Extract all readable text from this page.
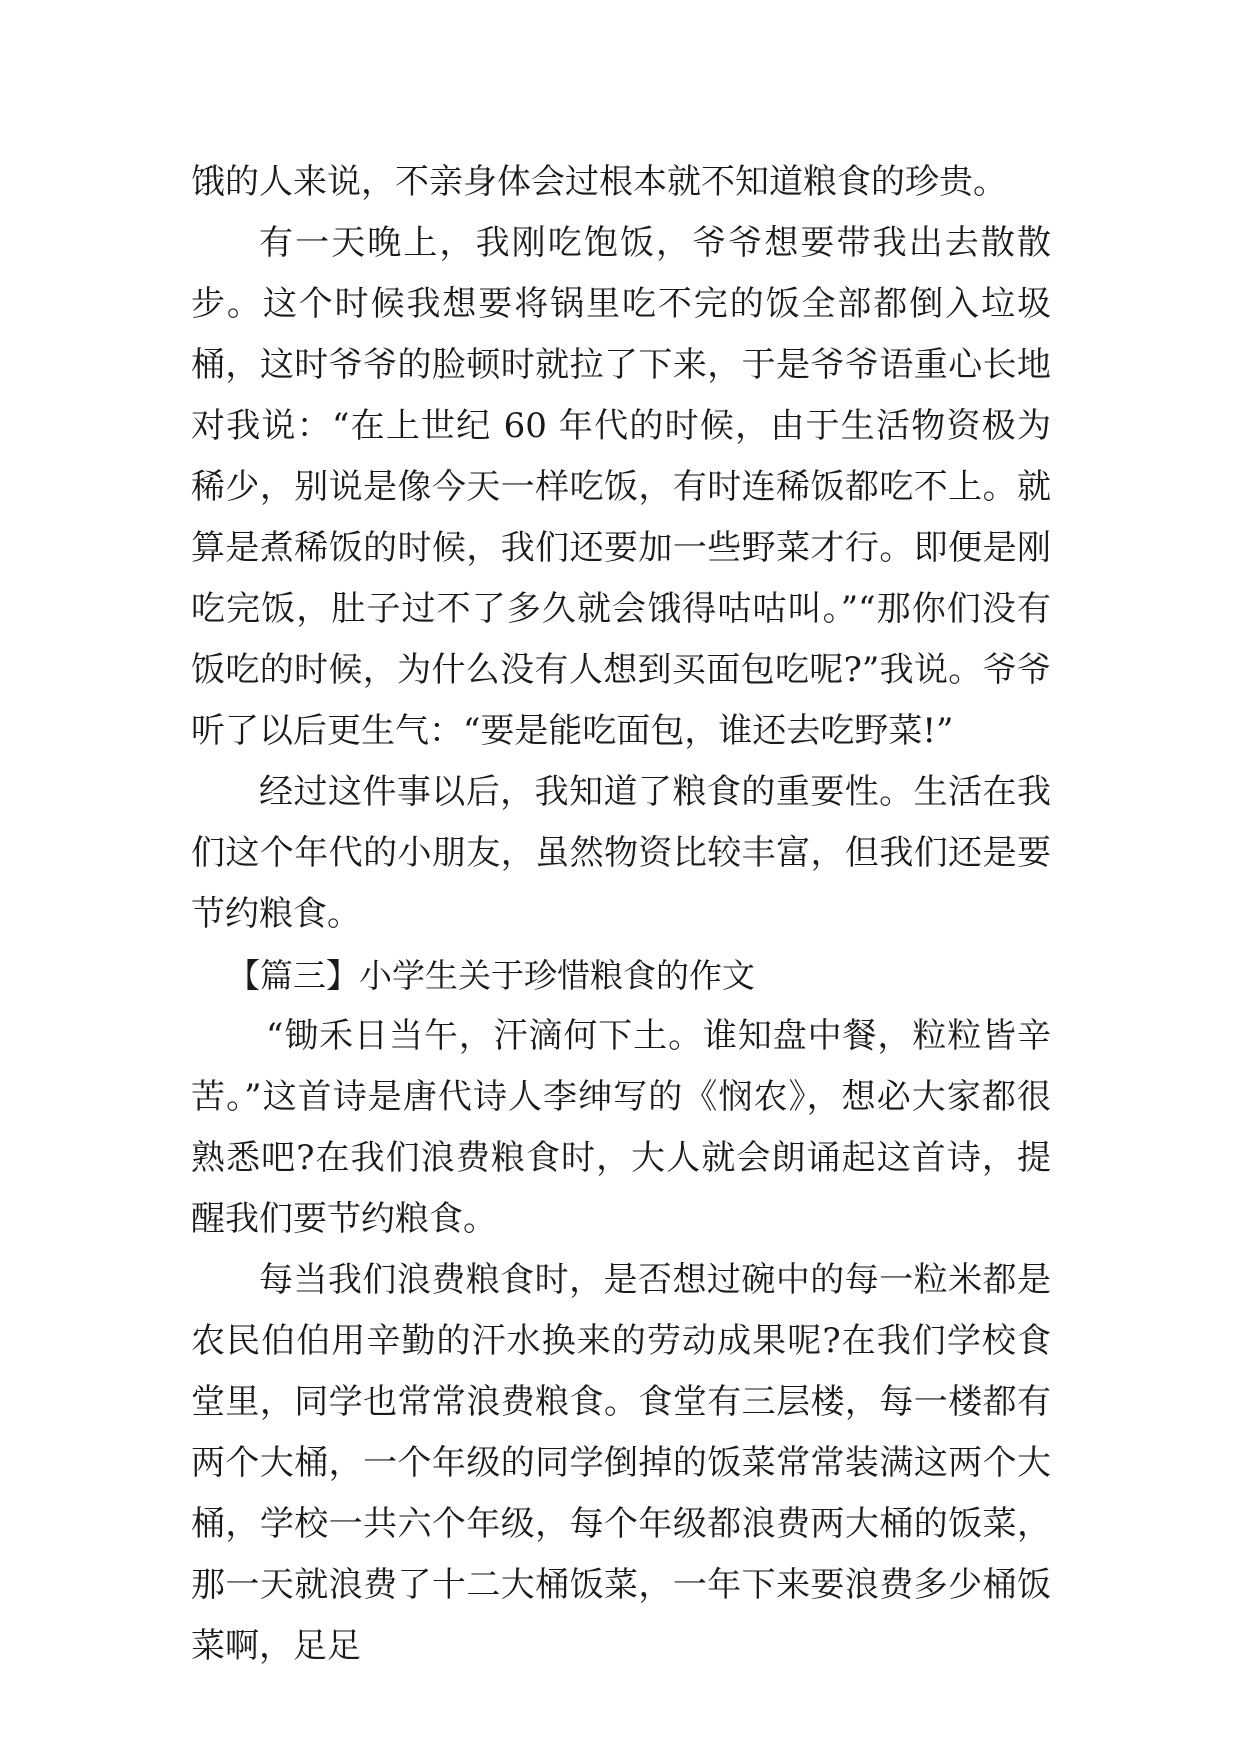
饿的人来说，不亲身体会过根本就不知道粮食的珍贵。

有一天晚上，我刚吃饱饭，爷爷想要带我出去散散步。这个时候我想要将锅里吃不完的饭全部都倒入垃圾桶，这时爷爷的脸顿时就拉了下来，于是爷爷语重心长地对我说：“在上世纪 60 年代的时候，由于生活物资极为稀少，别说是像今天一样吃饭，有时连稀饭都吃不上。就算是煮稀饭的时候，我们还要加一些野菜才行。即便是刚吃完饭，肚子过不了多久就会饿得咕咕叫。”“那你们没有饭吃的时候，为什么没有人想到买面包吃呢?”我说。爷爷听了以后更生气：“要是能吃面包，谁还去吃野菜!”

经过这件事以后，我知道了粮食的重要性。生活在我们这个年代的小朋友，虽然物资比较丰富，但我们还是要节约粮食。

【篇三】小学生关于珍惜粮食的作文

“锄禾日当午，汗滴何下土。谁知盘中餐，粒粒皆辛苦。”这首诗是唐代诗人李绅写的《悯农》，想必大家都很熟悉吧?在我们浪费粮食时，大人就会朗诵起这首诗，提醒我们要节约粮食。

每当我们浪费粮食时，是否想过碗中的每一粒米都是农民伯伯用辛勤的汗水换来的劳动成果呢?在我们学校食堂里，同学也常常浪费粮食。食堂有三层楼，每一楼都有两个大桶，一个年级的同学倒掉的饭菜常常装满这两个大桶，学校一共六个年级，每个年级都浪费两大桶的饭菜，那一天就浪费了十二大桶饭菜，一年下来要浪费多少桶饭菜啊，足足
